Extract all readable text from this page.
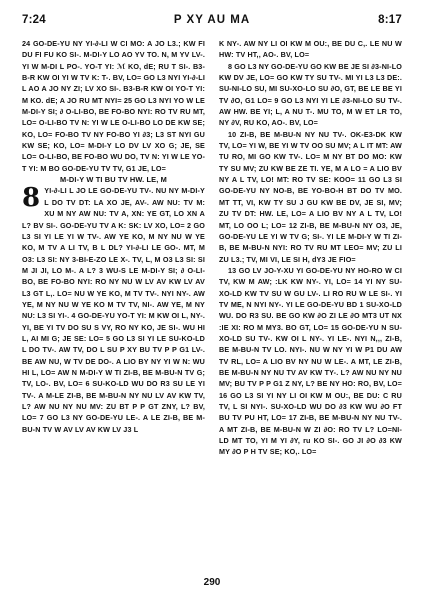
7:24	P XY AU MA	8:17

24 GO-DE-YU NY YI-∂-LI W CI MO: A JO L3.; KW FI DU FI FU KO SI-. M-DI-Y LO AO YV TO. N, M YV LV-. YI W M-DI L PO-. YO-T YI: ℳ KO, dE; RU T SI-. B3-B-R KW OI YI W TV K: T-. BV, LO= GO L3 NYI YI-∂-LI L AO A JO NY ZI; LV XO SI-. B3-B-R KW OI YO-T YI: M KO. dE; A JO RU MT NYI= 25 GO L3 NYI YO W LE M-DI-Y SI; ∂ O-LI-BO, BE FO-BO NYI: RO TV RU MT, LO= O-LI-BO TV N: YI W LE O-LI-BO LO DE KW SE; KO, LO= FO-BO TV NY FO-BO YI ∂3; L3 ST NYI GU KW SE; KO, LO= M-DI-Y LO DV LV XO G; JE, SE LO= O-LI-BO, BE FO-BO WU DO, TV N: YI W LE YO-T YI: M BO GO-DE-YU TV TV, G1 JE, LO=

M-DI-Y W TI BU TV HW. LE, M

8 YI-∂-LI L JO LE GO-DE-YU TV-. NU NY M-DI-Y L DO TV DT: LA XO JE, AV-. AW NU: TV M: XU M NY AW NU: TV A, XN: YE GT, LO XN A L? BV SI-. GO-DE-YU TV A K: SK: LV XO, LO= 2 GO L3 SI YI LE YI W TV-. AW YE KO, M NY NU W YE KO, M TV A LI TV, B L DL? YI-∂-LI LE GO-. MT, M O3: L3 SI: NY 3-BI-E-ZO LE X-. TV, L, M O3 L3 SI: SI M JI JI, LO M-. A L? 3 WU-S LE M-DI-Y SI; ∂ O-LI-BO, BE FO-BO NYI: RO NY NU W LV AV KW LV AV L3 GT L,. LO= NU W YE KO, M TV TV-. NYI NY-. AW YE, M NY NU W YE KO M TV TV, NI-. AW YE, M NY NU: L3 SI YI-. 4 GO-DE-YU YO-T YI: M KW OI L, NY-. YI, BE YI TV DO SU S VY, RO NY KO, JE SI-. WU HI L, AI MI G; JE SE: LO= 5 GO L3 SI YI LE SU-KO-LD L DO TV-. AW TV, DO L SU P XY BU TV P P G1 LV-. BE AW NU, W TV DE DO-. A LIO BY NY YI W N: WU HI L, LO= AW N M-DI-Y W TI ZI-B, BE M-BU-N TV G; TV, LO-. BV, LO= 6 SU-KO-LD WU DO R3 SU LE YI TV-. A M-LE ZI-B, BE M-BU-N NY NU LV AV KW TV, L? AW NU NY NU MV: ZU BT P P GT ZNY, L? BV, LO= 7 GO L3 NY GO-DE-YU LE-. A LE ZI-B, BE M-BU-N TV W AV LV AV KW LV J3 L

K NY-. AW NY LI OI KW M OU:, BE DU C,. LE NU W HW: TV HT,, AO-. BV, LO=

8 GO L3 NY GO-DE-YU GO KW BE JE SI ∂3-NI-LO KW DV JE, LO= GO KW TY SU TV-. MI YI L3 L3 DE:. SU-NI-LO SU, MI SU-XO-LO SU ∂O, GT, BE LE BE YI TV ∂O, G1 LO= 9 GO L3 NYI YI LE ∂3-NI-LO SU TV-. AW HW. BE YI; L, A NU T-. MU TO, M W ET LR TO, NY ∂V, RU KO, AO-. BV, LO=

10 ZI-B, BE M-BU-N NY NU TV-. OK-E3-DK KW TV, LO= YI W, BE YI W TV OO SU MV; A L IT MT: AW TU RO, MI GO KW TV-. LO= M NY BT DO MO: KW TY SU MV; ZU KW BE ZE TI. YE, M A LO = A LIO BV NY A L TV, LO! MT: RO TV SE: KOO= 11 GO L3 SI GO-DE-YU NY NO-B, BE YO-BO-H BT DO TV MO. MT TT, VI, KW TY SU J GU KW BE DV, JE SI, MV; ZU TV DT: HW. LE, LO= A LIO BV NY A L TV, LO! MT, LO OO L; LO= 12 ZI-B, BE M-BU-N NY O3, JE, GO-DE-YU LE YI W TV G; SI-. YI LE M-DI-Y W TI ZI-B, BE M-BU-N NYI: RO TV RU MT LEO= MV; ZU LI ZU L3.; TV, MI VI, LE SI H, dY3 JE FIO=

13 GO LV JO-Y-XU YI GO-DE-YU NY HO-RO W CI TV, KW M AW; :LK KW NY-. YI, LO= 14 YI NY SU-XO-LD KW TV SU W GU LV-. LI RO RU W LE SI-. YI TV ME, N NYI NY-. YI LE GO-DE-YU BD 1 SU-XO-LD WU. DO R3 SU. BE GO KW ∂O ZI LE ∂O MT3 UT NX :IE XI: RO M MY3. BO GT, LO= 15 GO-DE-YU N SU-XO-LD SU TV-. KW OI L NY-. YI LE-. NYI N,,, ZI-B, BE M-BU-N TV LO. NYI-. NU W NY YI W P1 DU AW TV RL, LO= A LIO BV NY NU W LE-. A MT, LE ZI-B, BE M-BU-N NY NU TV AV KW TY-. L? AW NU NY NU MV; BU TV P P G1 Z NY, L? BE NY HO: RO, BV, LO= 16 GO L3 SI YI NY LI OI KW M OU:, BE DU: C RU TV, L SI NYI-. SU-XO-LD WU DO ∂3 KW WU ∂O FT BU TV PU HT, LO= 17 ZI-B, BE M-BU-N NY NU TV-. A MT ZI-B, BE M-BU-N W ZI ∂O: RO TV L? LO=NI-LD MT TO, YI M YI ∂Y, ru KO SI-. GO JI ∂O ∂3 KW MY ∂O P H TV SE; KO,. LO=

290
